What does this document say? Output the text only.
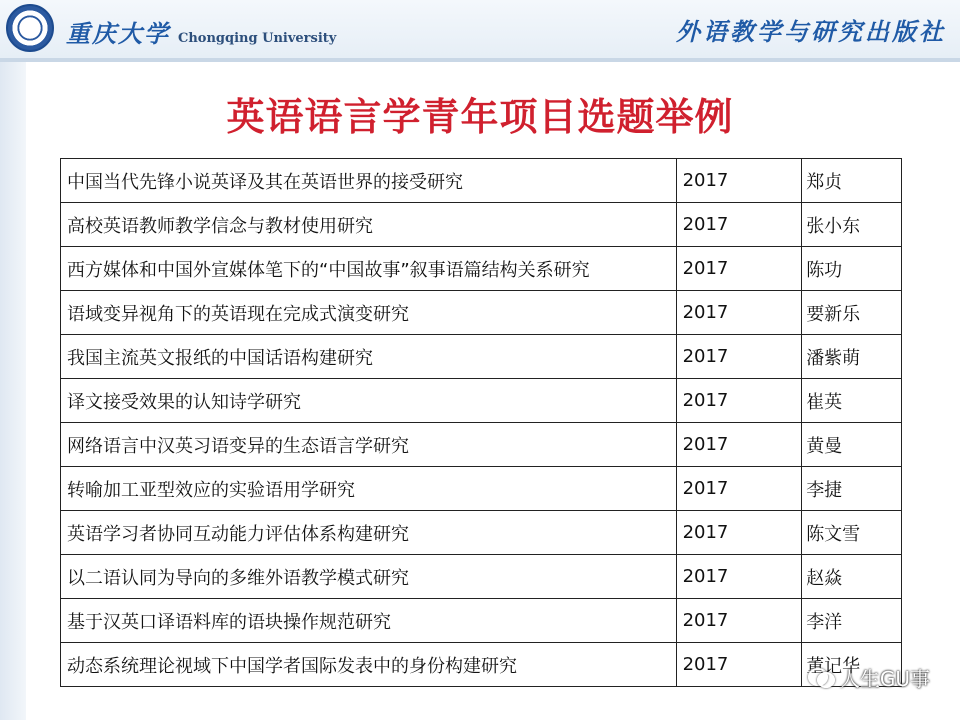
重庆大学 Chongqing University	外语教学与研究出版社
英语语言学青年项目选题举例
中国当代先锋小说英译及其在英语世界的接受研究	2017	郑贞
高校英语教师教学信念与教材使用研究	2017	张小东
西方媒体和中国外宣媒体笔下的“中国故事”叙事语篇结构关系研究	2017	陈功
语域变异视角下的英语现在完成式演变研究	2017	要新乐
我国主流英文报纸的中国话语构建研究	2017	潘紫萌
译文接受效果的认知诗学研究	2017	崔英
网络语言中汉英习语变异的生态语言学研究	2017	黄曼
转喻加工亚型效应的实验语用学研究	2017	李捷
英语学习者协同互动能力评估体系构建研究	2017	陈文雪
以二语认同为导向的多维外语教学模式研究	2017	赵焱
基于汉英口译语料库的语块操作规范研究	2017	李洋
动态系统理论视域下中国学者国际发表中的身份构建研究	2017	董记华
人生GU事
